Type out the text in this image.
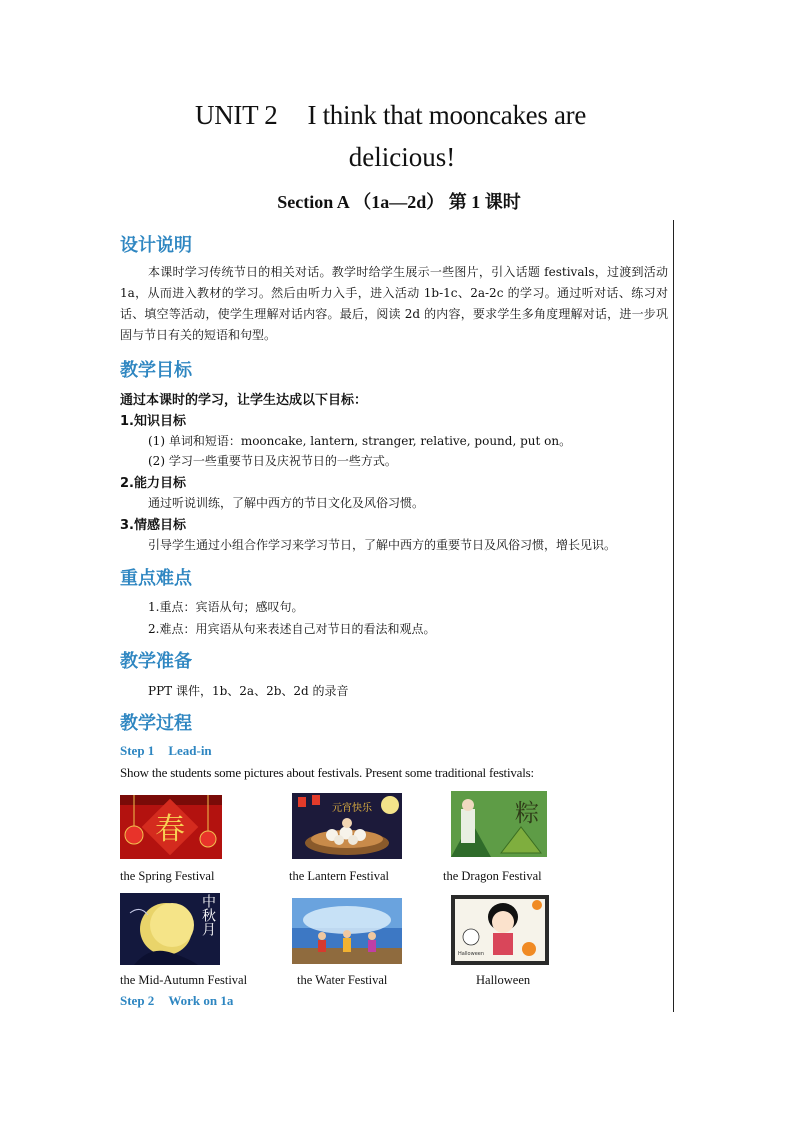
UNIT 2 I think that mooncakes are
delicious!
Section A （1a—2d） 第 1 课时
设计说明
本课时学习传统节日的相关对话。教学时给学生展示一些图片，引入话题 festivals，过渡到活动 1a，从而进入教材的学习。然后由听力入手，进入活动 1b-1c、2a-2c 的学习。通过听对话、练习对话、填空等活动，使学生理解对话内容。最后，阅读 2d 的内容，要求学生多角度理解对话，进一步巩固与节日有关的短语和句型。
教学目标
通过本课时的学习，让学生达成以下目标：
1.知识目标
(1) 单词和短语：mooncake, lantern, stranger, relative, pound, put on。
(2) 学习一些重要节日及庆祝节日的一些方式。
2.能力目标
通过听说训练，了解中西方的节日文化及风俗习惯。
3.情感目标
引导学生通过小组合作学习来学习节日，了解中西方的重要节日及风俗习惯，增长见识。
重点难点
1.重点：宾语从句；感叹句。
2.难点：用宾语从句来表述自己对节日的看法和观点。
教学准备
PPT 课件，1b、2a、2b、2d 的录音
教学过程
Step 1 Lead-in
Show the students some pictures about festivals. Present some traditional festivals:
春
元宵快乐	粽
the Spring Festival	the Lantern Festival	the Dragon Festival
中秋月
Halloween
the Mid-Autumn Festival	the Water Festival	Halloween
Step 2 Work on 1a
